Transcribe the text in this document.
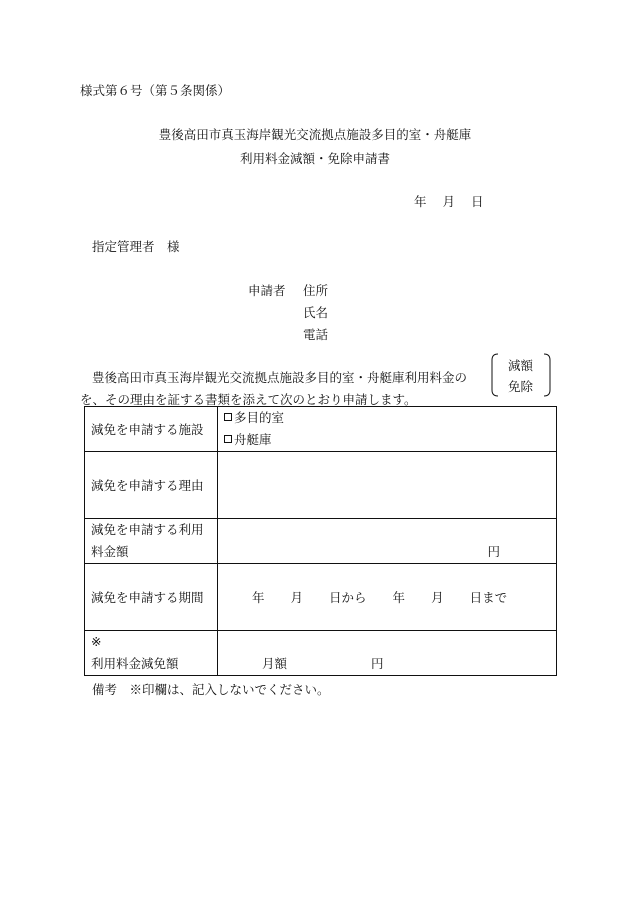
様式第６号（第５条関係）
豊後高田市真玉海岸観光交流拠点施設多目的室・舟艇庫
利用料金減額・免除申請書
年 月 日
指定管理者　様
申請者 住所
氏名
電話
豊後高田市真玉海岸観光交流拠点施設多目的室・舟艇庫利用料金の
を、その理由を証する書類を添えて次のとおり申請します。
減額
免除
減免を申請する施設	多目的室
舟艇庫

減免を申請する理由	

減免を申請する利用
料金額	円

減免を申請する期間	年 月 日から 年 月 日まで

※
利用料金減免額	月額 円
備考　※印欄は、記入しないでください。
